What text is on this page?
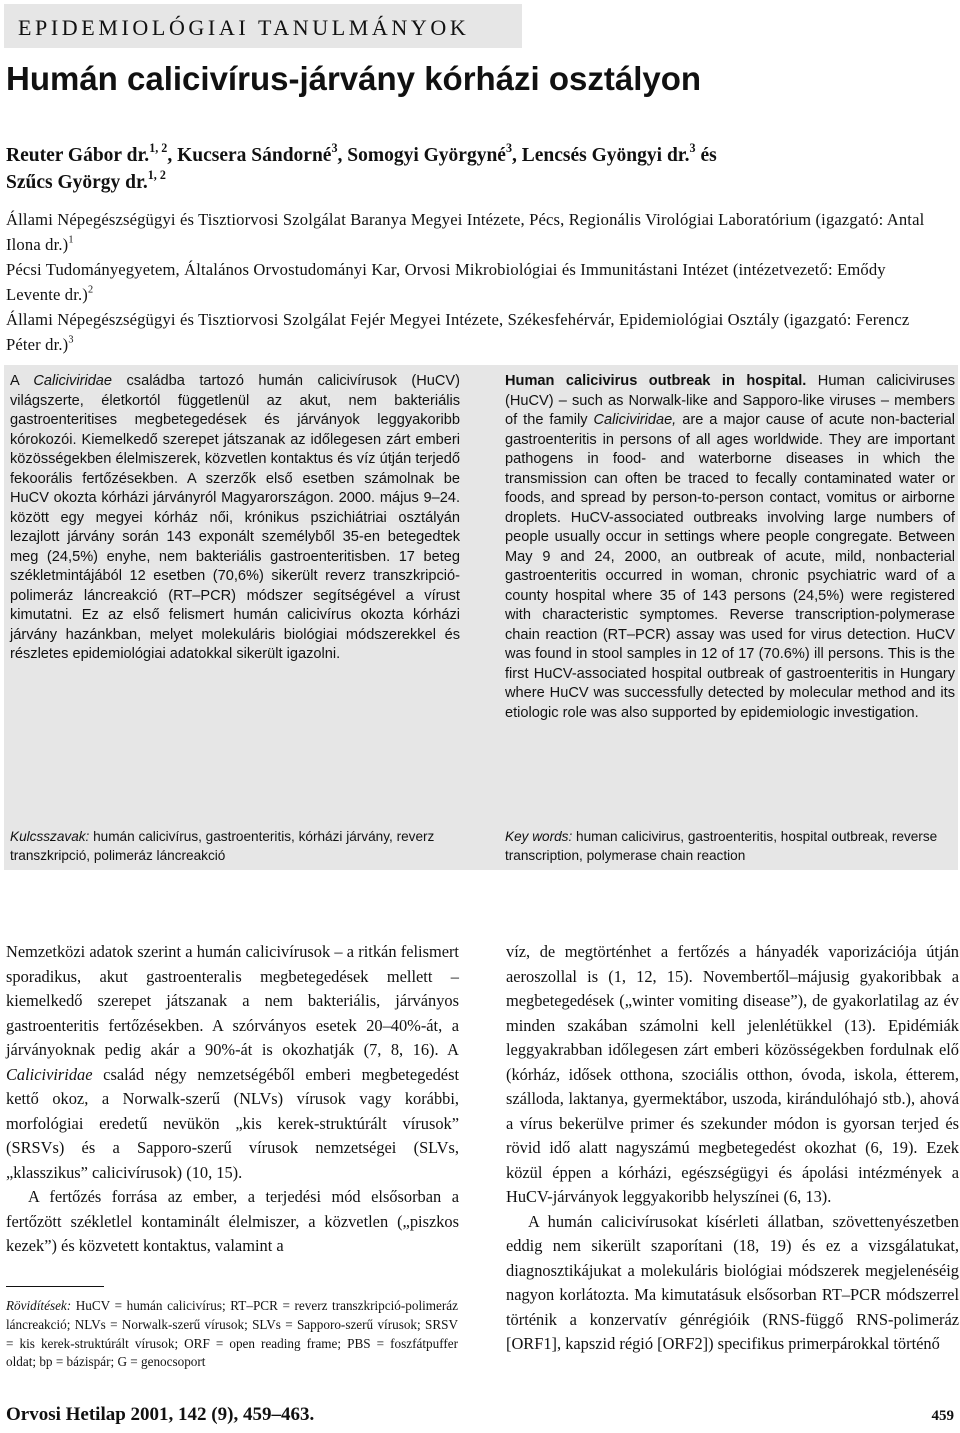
EPIDEMIOLÓGIAI TANULMÁNYOK
Humán calicivírus-járvány kórházi osztályon
Reuter Gábor dr.$^{1, 2}$, Kucsera Sándorné$^3$, Somogyi Györgyné$^3$, Lencsés Gyöngyi dr.$^3$ és
Szűcs György dr.$^{1, 2}$

Állami Népegészségügyi és Tisztiorvosi Szolgálat Baranya Megyei Intézete, Pécs, Regionális Virológiai Laboratórium (igazgató: Antal Ilona dr.)$^1$

Pécsi Tudományegyetem, Általános Orvostudományi Kar, Orvosi Mikrobiológiai és Immunitástani Intézet (intézetvezető: Emődy Levente dr.)$^2$

Állami Népegészségügyi és Tisztiorvosi Szolgálat Fejér Megyei Intézete, Székesfehérvár, Epidemiológiai Osztály (igazgató: Ferencz Péter dr.)$^3$

A Caliciviridae családba tartozó humán calicivírusok (HuCV) világszerte, életkortól függetlenül az akut, nem bakteriális gastroenteritises megbetegedések és járványok leggyakoribb kórokozói. Kiemelkedő szerepet játszanak az időlegesen zárt emberi közösségekben élelmiszerek, közvetlen kontaktus és víz útján terjedő fekoorális fertőzésekben. A szerzők első esetben számolnak be HuCV okozta kórházi járványról Magyarországon. 2000. május 9–24. között egy megyei kórház női, krónikus pszichiátriai osztályán lezajlott járvány során 143 exponált személyből 35-en betegedtek meg (24,5%) enyhe, nem bakteriális gastroenteritisben. 17 beteg székletmintájából 12 esetben (70,6%) sikerült reverz transzkripció-polimeráz láncreakció (RT–PCR) módszer segítségével a vírust kimutatni. Ez az első felismert humán calicivírus okozta kórházi járvány hazánkban, melyet molekuláris biológiai módszerekkel és részletes epidemiológiai adatokkal sikerült igazolni.

Human calicivirus outbreak in hospital. Human caliciviruses (HuCV) – such as Norwalk-like and Sapporo-like viruses – members of the family Caliciviridae, are a major cause of acute non-bacterial gastroenteritis in persons of all ages worldwide. They are important pathogens in food- and waterborne diseases in which the transmission can often be traced to fecally contaminated water or foods, and spread by person-to-person contact, vomitus or airborne droplets. HuCV-associated outbreaks involving large numbers of people usually occur in settings where people congregate. Between May 9 and 24, 2000, an outbreak of acute, mild, nonbacterial gastroenteritis occurred in woman, chronic psychiatric ward of a county hospital where 35 of 143 persons (24,5%) were registered with characteristic symptomes. Reverse transcription-polymerase chain reaction (RT–PCR) assay was used for virus detection. HuCV was found in stool samples in 12 of 17 (70.6%) ill persons. This is the first HuCV-associated hospital outbreak of gastroenteritis in Hungary where HuCV was successfully detected by molecular method and its etiologic role was also supported by epidemiologic investigation.

Kulcsszavak: humán calicivírus, gastroenteritis, kórházi járvány, reverz transzkripció, polimeráz láncreakció
Key words: human calicivirus, gastroenteritis, hospital outbreak, reverse transcription, polymerase chain reaction

Nemzetközi adatok szerint a humán calicivírusok – a ritkán felismert sporadikus, akut gastroenteralis megbetegedések mellett – kiemelkedő szerepet játszanak a nem bakteriális, járványos gastroenteritis fertőzésekben. A szórványos esetek 20–40%-át, a járványoknak pedig akár a 90%-át is okozhatják (7, 8, 16). A Caliciviridae család négy nemzetségéből emberi megbetegedést kettő okoz, a Norwalk-szerű (NLVs) vírusok vagy korábbi, morfológiai eredetű nevükön „kis kerek-struktúrált vírusok” (SRSVs) és a Sapporo-szerű vírusok nemzetségei (SLVs, „klasszikus” calicivírusok) (10, 15).

A fertőzés forrása az ember, a terjedési mód elsősorban a fertőzött székletlel kontaminált élelmiszer, a közvetlen („piszkos kezek”) és közvetett kontaktus, valamint a

víz, de megtörténhet a fertőzés a hányadék vaporizációja útján aeroszollal is (1, 12, 15). Novembertől–májusig gyakoribbak a megbetegedések („winter vomiting disease”), de gyakorlatilag az év minden szakában számolni kell jelenlétükkel (13). Epidémiák leggyakrabban időlegesen zárt emberi közösségekben fordulnak elő (kórház, idősek otthona, szociális otthon, óvoda, iskola, étterem, szálloda, laktanya, gyermektábor, uszoda, kirándulóhajó stb.), ahová a vírus bekerülve primer és szekunder módon is gyorsan terjed és rövid idő alatt nagyszámú megbetegedést okozhat (6, 19). Ezek közül éppen a kórházi, egészségügyi és ápolási intézmények a HuCV-járványok leggyakoribb helyszínei (6, 13).

A humán calicivírusokat kísérleti állatban, szövettenyészetben eddig nem sikerült szaporítani (18, 19) és ez a vizsgálatukat, diagnosztikájukat a molekuláris biológiai módszerek megjelenéséig nagyon korlátozta. Ma kimutatásuk elsősorban RT–PCR módszerrel történik a konzervatív génrégióik (RNS-függő RNS-polimeráz [ORF1], kapszid régió [ORF2]) specifikus primerpárokkal történő

Rövidítések: HuCV = humán calicivírus; RT–PCR = reverz transzkripció-polimeráz láncreakció; NLVs = Norwalk-szerű vírusok; SLVs = Sapporo-szerű vírusok; SRSV = kis kerek-struktúrált vírusok; ORF = open reading frame; PBS = foszfátpuffer oldat; bp = bázispár; G = genocsoport
Orvosi Hetilap 2001, 142 (9), 459–463.	459
